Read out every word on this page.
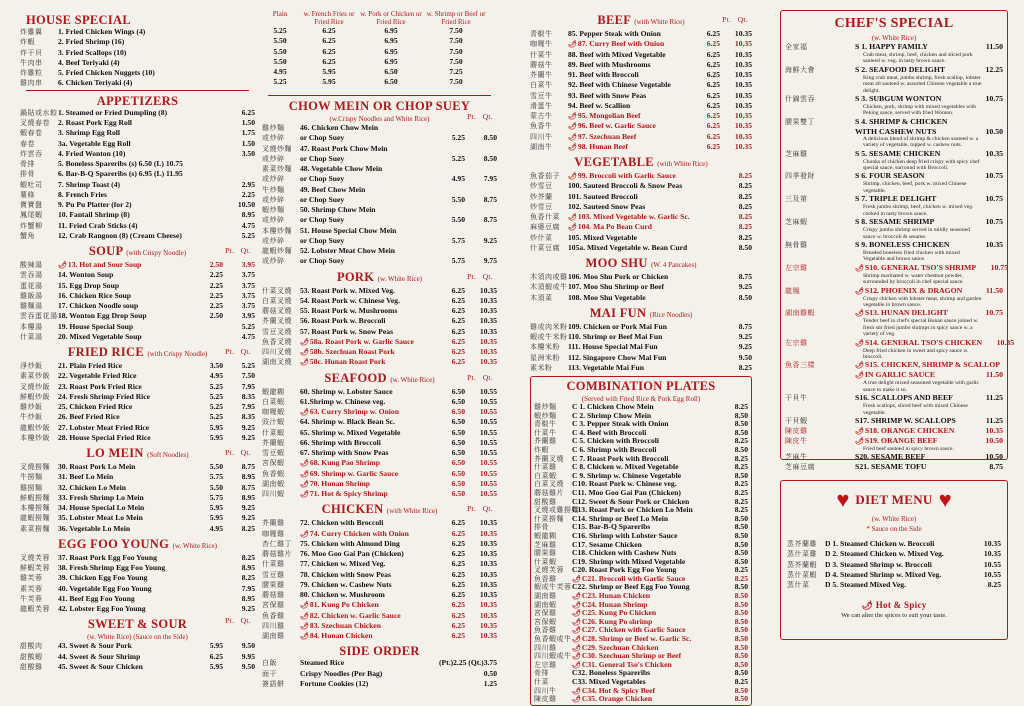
HOUSE SPECIAL
炸雞翼	1. Fried Chicken Wings (4)
炸蝦	2. Fried Shrimp (16)
炸干貝	3. Fried Scallops (10)
牛肉串	4. Beef Teriyaki (4)
炸雞粒	5. Fried Chicken Nuggets (10)
雞肉串	6. Chicken Teriyaki (4)
APPETIZERS
鍋貼或水餃 1. Steamed or Fried Dumpling (8)	6.25
叉燒春卷	2. Roast Pork Egg Roll	1.50
蝦春卷	3. Shrimp Egg Roll	1.75
春卷	3a. Vegetable Egg Roll	1.50
炸雲吞	4. Fried Wonton (10)	3.50
骨排	5. Boneless Spareribs (s) 6.50 (L) 10.75
排骨	6. Bar-B-Q Spareribs (s) 6.95 (L) 11.95
蝦吐司	7. Shrimp Toast (4)	2.95
薯條	8. French Fries	2.25
寶寶盤	9. Pu Pu Platter (for 2)	10.50
鳳尾蝦	10. Fantail Shrimp (8)	8.95
炸蟹柳	11. Fried Crab Sticks (4)	4.75
蟹角	12. Crab Rangoon (8) (Cream Cheese)	5.25
SOUP (with Crispy Noodle)	Pt. Qt.
酸辣湯	🌶13. Hot and Sour Soup	2.50	3.95
雲吞湯	14. Wonton Soup	2.25	3.75
蛋花湯	15. Egg Drop Soup	2.25	3.75
雞飯湯	16. Chicken Rice Soup	2.25	3.75
雞麵湯	17. Chicken Noodle soup	2.25	3.75
雲吞蛋花湯 18. Wonton Egg Drop Soup	2.50	3.95
本樓湯	19. House Special Soup	5.25
什菜湯	20. Mixed Vegetable Soup	4.75
FRIED RICE (with Crispy Noodle) Pt. Qt.
淨炒飯	21. Plain Fried Rice	3.50	5.25
素菜炒飯	22. Vegetable Fried Rice	4.95	7.50
叉燒炒飯	23. Roast Pork Fried Rice	5.25	7.95
鮮蝦炒飯	24. Fresh Shrimp Fried Rice	5.25	8.35
雞炒飯	25. Chicken Fried Rice	5.25	7.95
牛炒飯	26. Beef Fried Rice	5.25	8.35
龍蝦炒飯	27. Lobster Meat Fried Rice	5.95	9.25
本樓炒飯	28. House Special Fried Rice	5.95	9.25
LO MEIN (Soft Noodles)	Pt. Qt.
叉燒撈麵	30. Roast Pork Lo Mein	5.50	8.75
牛撈麵	31. Beef Lo Mein	5.75	8.95
雞撈麵	32. Chicken Lo Mein	5.50	8.75
鮮蝦撈麵	33. Fresh Shrimp Lo Mein	5.75	8.95
本樓撈麵	34. House Special Lo Mein	5.95	9.25
龍蝦撈麵	35. Lobster Meat Lo Mein	5.95	9.25
素菜撈麵	36. Vegetable Lo Mein	4.95	8.25
EGG FOO YOUNG (w. White Rice)
叉燒芙蓉	37. Roast Pork Egg Foo Young	8.25
鮮蝦芙蓉	38. Fresh Shrimp Egg Foo Young	8.95
雞芙蓉	39. Chicken Egg Foo Young	8.25
素芙蓉	40. Vegetable Egg Foo Young	7.95
牛芙蓉	41. Beef Egg Foo Young	8.95
龍蝦芙蓉	42. Lobster Egg Foo Young	9.25
SWEET & SOUR
(w. White Rice) (Sauce on the Side)
Pt. Qt.
甜酸肉	43. Sweet & Sour Pork	5.95	9.50
甜酸蝦	44. Sweet & Sour Shrimp	6.25	9.95
甜酸雞	45. Sweet & Sour Chicken	5.95	9.50
Plain	w. French Fries or Fried Rice
w. Pork or Chicken or Fried Rice
w. Shrimp or Beef or Fried Rice
5.25	6.25	6.95	7.50
5.50	6.25	6.95	7.50
5.50	6.25	6.95	7.50
5.50	6.25	6.95	7.50
4.95	5.95	6.50	7.25
5.25	5.95	6.50	7.50
CHOW MEIN OR CHOP SUEY
(w.Crispy Noodles and White Rice)	Pt. Qt.
雞炒麵	46. Chicken Chow Mein
或炒碎	or Chop Suey	5.25	8.50
叉燒炒麵	47. Roast Pork Chow Mein
或炒碎	or Chop Suey	5.25	8.50
素菜炒麵	48. Vegetable Chow Mein
或炒碎	or Chop Suey	4.95	7.95
牛炒麵	49. Beef Chow Mein
或炒碎	or Chop Suey	5.50	8.75
蝦炒麵	50. Shrimp Chow Mein
或炒碎	or Chop Suey	5.50	8.75
本樓炒麵	51. House Special Chow Mein
或炒碎	or Chop Suey	5.75	9.25
龍蝦炒麵	52. Lobster Meat Chow Mein
或炒碎	or Chop Suey	5.75	9.75
PORK (w. White Rice)	Pt. Qt.
什菜叉燒	53. Roast Pork w. Mixed Veg.	6.25	10.35
白菜叉燒	54. Roast Pork w. Chinese Veg.	6.25	10.35
蘑菇叉燒	55. Roast Pork w. Mushrooms	6.25	10.35
芥蘭叉燒	56. Roast Pork w. Broccoli	6.25	10.35
雪豆叉燒	57. Roast Pork w. Snow Peas	6.25	10.35
魚香叉燒	🌶58a. Roast Pork w. Garlic Sauce	6.25	10.35
四川叉燒	🌶58b. Szechuan Roast Pork	6.25	10.35
湖南叉燒	🌶58c. Hunan Roast Pork	6.25	10.35
SEAFOOD (w. White Rice)	Pt. Qt.
蝦龍糊	60. Shrimp w. Lobster Sauce	6.50	10.55
白菜蝦	61.Shrimp w. Chinese veg.	6.50	10.55
咖喱蝦	🌶63. Curry Shrimp w. Onion	6.50	10.55
豉汁蝦	64. Shrimp w. Black Bean Sc.	6.50	10.55
什菜蝦	65. Shrimp w. Mixed Vegetable	6.50	10.55
芥蘭蝦	66. Shrimp with Broccoli	6.50	10.55
雪豆蝦	67. Shrimp with Snow Peas	6.50	10.55
宮保蝦	🌶68. Kung Pao Shrimp	6.50	10.55
魚香蝦	🌶69. Shrimp w. Garlic Sauce	6.50	10.55
湖南蝦	🌶70. Hunan Shrimp	6.50	10.55
四川蝦	🌶71. Hot & Spicy Shrimp	6.50	10.55
CHICKEN (with White Rice)	Pt. Qt.
芥蘭雞	72. Chicken with Broccoli	6.25	10.35
咖喱雞	🌶74. Curry Chicken with Onion	6.25	10.35
杏仁雞丁	75. Chicken with Almond Ding	6.25	10.35
蘑菇雞片	76. Moo Goo Gai Pan (Chicken)	6.25	10.35
什菜雞	77. Chicken w. Mixed Veg.	6.25	10.35
雪豆雞	78. Chicken with Snow Peas	6.25	10.35
腰果雞	79. Chicken w. Cashew Nuts	6.25	10.35
蘑菇雞	80. Chicken w. Mushroom	6.25	10.35
宮保雞	🌶81. Kung Po Chicken	6.25	10.35
魚香雞	🌶82. Chicken w. Garlic Sauce	6.25	10.35
四川雞	🌶83. Szechuan Chicken	6.25	10.35
湖南雞	🌶84. Hunan Chicken	6.25	10.35
SIDE ORDER
白飯	Steamed Rice	(Pt.)2.25 (Qt.)3.75
面干	Crispy Noodles (Per Bag)	0.50
簽語餅	Fortune Cookies (12)	1.25
BEEF (with White Rice)	Pt. Qt.
青椒牛	85. Pepper Steak with Onion	6.25	10.35
咖喱牛	🌶87. Curry Beef with Onion	6.25	10.35
什菜牛	88. Beef with Mixed Vegetable	6.25	10.35
蘑菇牛	89. Beef with Mushrooms	6.25	10.35
芥蘭牛	91. Beef with Broccoli	6.25	10.35
白菜牛	92. Beef with Chinese Vegetable	6.25	10.35
雪豆牛	93. Beef with Snow Peas	6.25	10.35
滑蛋牛	94. Beef w. Scallion	6.25	10.35
蒙古牛	🌶95. Mongolian Beef	6.25	10.35
魚香牛	🌶96. Beef w. Garlic Sauce	6.25	10.35
四川牛	🌶97. Szechuan Beef	6.25	10.35
湖南牛	🌶98. Hunan Beef	6.25	10.35
VEGETABLE (with White Rice)
魚香茄子	🌶99. Broccoli with Garlic Sauce	8.25
炒雪豆	100. Sauteed Broccoli & Snow Peas	8.25
炒芥蘭	101. Sauteed Broccoli	8.25
炒雪豆	102. Sauteed Snow Peas	8.25
魚香什菜	🌶103. Mixed Vegetable w. Garlic Sc.	8.25
麻婆豆腐	🌶104. Ma Po Bean Curd	8.25
炒什菜	105. Mixed Vegetable	8.25
什菜豆腐	105a. Mixed Vegetable w. Bean Curd	8.50
MOO SHU (W. 4 Pancakes)
木須肉或雞 106. Moo Shu Pork or Chicken	8.75
木須蝦或牛 107. Moo Shu Shrimp or Beef	9.25
木須菜	108. Moo Shu Vegetable	8.50
MAI FUN (Rice Noodles)
雞或肉米粉 109. Chicken or Pork Mai Fun	8.75
蝦或牛米粉 110. Shrimp or Beef Mai Fun	9.25
本樓米粉	111. House Special Mai Fun	9.25
星洲米粉	112. Singapore Chow Mai Fun	9.50
素米粉	113. Vegetable Mai Fun	8.25
COMBINATION PLATES
(Served with Fried Rice & Pork Egg Roll)
雞炒麵	C 1. Chicken Chow Mein	8.25
蝦炒麵	C 2. Shrimp Chow Mein	8.50
青椒牛	C 3. Pepper Steak with Onion	8.50
什菜牛	C 4. Beef with Broccoli	8.50
芥蘭雞	C 5. Chicken with Broccoli	8.25
炸蝦	C 6. Shrimp with Broccoli	8.50
芥蘭叉燒	C 7. Roast Pork with Broccoli	8.25
什菜雞	C 8. Chicken w. Mixed Vegetable	8.25
白菜蝦	C 9. Shrimp w. Chinese Vegetable	8.50
白菜叉燒	C10. Roast Pork w. Chinese veg.	8.25
蘑菇雞片	C11. Moo Goo Gai Pan (Chicken)	8.25
甜酸雞	C12. Sweet & Sour Pork or Chicken	8.25
叉燒或雞撈麵
C13. Roast Pork or Chicken Lo Mein	8.25
什菜撈麵	C14. Shrimp or Beef Lo Mein	8.50
排骨	C15. Bar-B-Q Spareribs	8.50
蝦龍糊	C16. Shrimp with Lobster Sauce	8.50
芝麻雞	C17. Sesame Chicken	8.50
腰果雞	C18. Chicken with Cashew Nuts	8.50
什菜蝦	C19. Shrimp with Mixed Vegetable	8.50
叉燒芙蓉	C20. Roast Pork Egg Foo Young	8.25
魚香雞	🌶C21. Broccoli with Garlic Sauce	8.25
蝦或牛芙蓉 C22. Shrimp or Beef Egg Foo Young	8.50
湖南雞	🌶C23. Hunan Chicken	8.50
湖南蝦	🌶C24. Hunan Shrimp	8.50
宮保雞	🌶C25. Kung Po Chicken	8.50
宮保蝦	🌶C26. Kung Po shrimp	8.50
魚香雞	🌶C27. Chicken with Garlic Sauce	8.50
魚香蝦或牛 🌶C28. Shrimp or Beef w. Garlic Sc.	8.50
四川雞	🌶C29. Szechuan Chicken	8.50
四川蝦或牛 🌶C30. Szechuan Shrimp or Beef	8.50
左宗雞	🌶C31. General Tso's Chicken	8.50
骨排	C32. Boneless Spareribs	8.50
什菜	C33. Mixed Vegetables	8.25
四川牛	🌶C34. Hot & Spicy Beef	8.50
陳皮雞	🌶C35. Orange Chicken	8.50
CHEF'S SPECIAL
(w. White Rice)
全家福	S 1. HAPPY FAMILY	11.50
Crab meat, shrimp, beef, chicken and sliced pork sauteed w. veg. in tasty brown sauce.
海鮮大會	S 2. SEAFOOD DELIGHT	12.25
King crab meat, jumbo shrimp, fresh scallop, lobster meat all sauteed w. assorted Chinese vegetable a true delight.
什錦雲吞	S 3. SUBGUM WONTON	10.75
Chicken, pork, shrimp with mixed vegetables with Peking sauce, served with fried Wonton.
腰果雙丁	S 4. SHRIMP & CHICKEN
WITH CASHEW NUTS	10.50
A delicious blend of shrimp & chicken sauteed w. a variety of vegetable, topped w. cashew nuts.
芝麻雞	S 5. SESAME CHICKEN	10.35
Chunks of chicken deep fried crispy with spicy chef special sauce, surround with Broccoli.
四季發財	S 6. FOUR SEASON	10.75
Shrimp, chicken, beef, pork w. mixed Chinese vegetable.
三及第	S 7. TRIPLE DELIGHT	10.75
Fresh jumbo shrimp, beef, chicken w. mixed veg. cooked in tasty brown sauce.
芝麻蝦	S 8. SESAME SHRIMP	10.75
Crispy jumbo shrimp served in mildly seasoned sauce w. broccoli & sesame.
無骨雞	S 9. BONELESS CHICKEN	10.35
Breaded boneless fried chicken with mixed Vegetable and brown sauce.
左宗雞	🌶S10. GENERAL TSO'S SHRIMP	10.75
Shrimp marinated w. water chestnut powder, surrounded by broccoli in chef special sauce.
龍鳳	🌶S12. PHOENIX & DRAGON	11.50
Crispy chicken with lobster meat, shrimp and garden vegetable in brown sauce.
湖南雞蝦	🌶S13. HUNAN DELIGHT	10.75
Tender beef in chef's special Hunan sauce joined w. fresh stir fried jumbo shrimps in spicy sauce w. a variety of veg.
左宗雞	🌶S14. GENERAL TSO'S CHICKEN	10.35
Deep fried chicken in sweet and spicy sauce w. broccoli.
魚香三樣	🌶S15. CHICKEN, SHRIMP & SCALLOP
🌶IN GARLIC SAUCE	11.50
A true delight mixed seasoned vegetable with garlic sauce to make it so.
干貝牛	S16. SCALLOPS AND BEEF	11.25
Fresh scallops, sliced beef with mixed Chinese vegetable.
干貝蝦	S17. SHRIMP W. SCALLOPS	11.25
陳皮雞	🌶S18. ORANGE CHICKEN	10.35
陳皮牛	🌶S19. ORANGE BEEF	10.50
Fried beef sauteed in spicy brown sauce.
芝麻牛	S20. SESAME BEEF	10.50
芝麻豆腐	S21. SESAME TOFU	8.75
♥ DIET MENU ♥
(w. White Rice)
* Sauce on the Side
蒸芥蘭雞	D 1. Steamed Chicken w. Broccoli	10.35
蒸什菜雞	D 2. Steamed Chicken w. Mixed Veg.	10.35
蒸芥蘭蝦	D 3. Steamed Shrimp w. Broccoli	10.55
蒸什菜蝦	D 4. Steamed Shrimp w. Mixed Veg.	10.55
蒸什菜	D 5. Steamed Mixed Veg.	8.25
🌶 Hot & Spicy
We can alter the spices to suit your taste.
